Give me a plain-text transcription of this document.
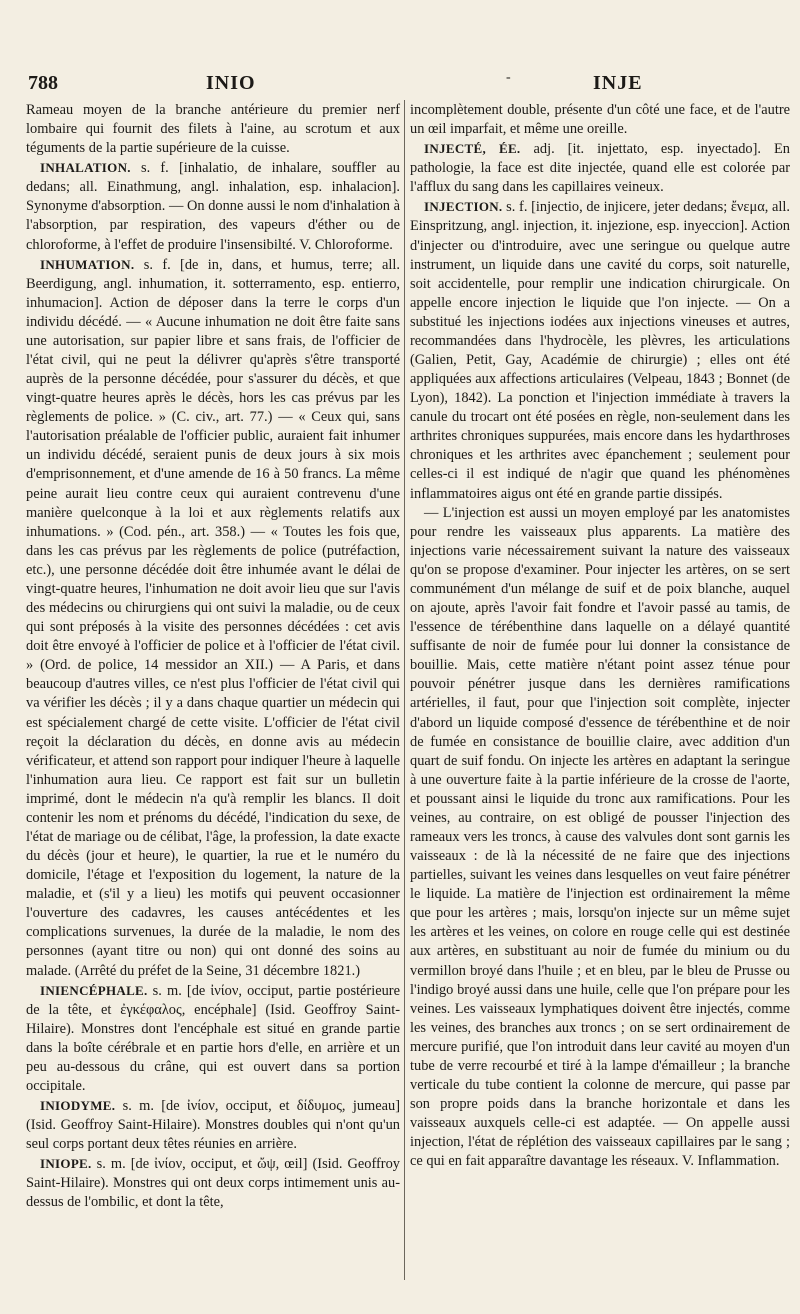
788	INIO	-	INJE

Rameau moyen de la branche antérieure du premier nerf lombaire qui fournit des filets à l'aine, au scrotum et aux téguments de la partie supérieure de la cuisse.

INHALATION. s. f. [inhalatio, de inhalare, souffler au dedans; all. Einathmung, angl. inhalation, esp. inhalacion]. Synonyme d'absorption. — On donne aussi le nom d'inhalation à l'absorption, par respiration, des vapeurs d'éther ou de chloroforme, à l'effet de produire l'insensibilté. V. Chloroforme.

INHUMATION. s. f. [de in, dans, et humus, terre; all. Beerdigung, angl. inhumation, it. sotterramento, esp. entierro, inhumacion]. Action de déposer dans la terre le corps d'un individu décédé. — « Aucune inhumation ne doit être faite sans une autorisation, sur papier libre et sans frais, de l'officier de l'état civil, qui ne peut la délivrer qu'après s'être transporté auprès de la personne décédée, pour s'assurer du décès, et que vingt-quatre heures après le décès, hors les cas prévus par les règlements de police. » (C. civ., art. 77.) — « Ceux qui, sans l'autorisation préalable de l'officier public, auraient fait inhumer un individu décédé, seraient punis de deux jours à six mois d'emprisonnement, et d'une amende de 16 à 50 francs. La même peine aurait lieu contre ceux qui auraient contrevenu d'une manière quelconque à la loi et aux règlements relatifs aux inhumations. » (Cod. pén., art. 358.) — « Toutes les fois que, dans les cas prévus par les règlements de police (putréfaction, etc.), une personne décédée doit être inhumée avant le délai de vingt-quatre heures, l'inhumation ne doit avoir lieu que sur l'avis des médecins ou chirurgiens qui ont suivi la maladie, ou de ceux qui sont préposés à la visite des personnes décédées : cet avis doit être envoyé à l'officier de police et à l'officier de l'état civil. » (Ord. de police, 14 messidor an XII.) — A Paris, et dans beaucoup d'autres villes, ce n'est plus l'officier de l'état civil qui va vérifier les décès ; il y a dans chaque quartier un médecin qui est spécialement chargé de cette visite. L'officier de l'état civil reçoit la déclaration du décès, en donne avis au médecin vérificateur, et attend son rapport pour indiquer l'heure à laquelle l'inhumation aura lieu. Ce rapport est fait sur un bulletin imprimé, dont le médecin n'a qu'à remplir les blancs. Il doit contenir les nom et prénoms du décédé, l'indication du sexe, de l'état de mariage ou de célibat, l'âge, la profession, la date exacte du décès (jour et heure), le quartier, la rue et le numéro du domicile, l'étage et l'exposition du logement, la nature de la maladie, et (s'il y a lieu) les motifs qui peuvent occasionner l'ouverture des cadavres, les causes antécédentes et les complications survenues, la durée de la maladie, le nom des personnes (ayant titre ou non) qui ont donné des soins au malade. (Arrêté du préfet de la Seine, 31 décembre 1821.)

INIENCÉPHALE. s. m. [de ἰνίον, occiput, partie postérieure de la tête, et ἐγκέφαλος, encéphale] (Isid. Geoffroy Saint-Hilaire). Monstres dont l'encéphale est situé en grande partie dans la boîte cérébrale et en partie hors d'elle, en arrière et un peu au-dessous du crâne, qui est ouvert dans sa portion occipitale.

INIODYME. s. m. [de ἰνίον, occiput, et δίδυμος, jumeau] (Isid. Geoffroy Saint-Hilaire). Monstres doubles qui n'ont qu'un seul corps portant deux têtes réunies en arrière.

INIOPE. s. m. [de ἰνίον, occiput, et ὤψ, œil] (Isid. Geoffroy Saint-Hilaire). Monstres qui ont deux corps intimement unis au-dessus de l'ombilic, et dont la tête,

incomplètement double, présente d'un côté une face, et de l'autre un œil imparfait, et même une oreille.

INJECTÉ, ÉE. adj. [it. injettato, esp. inyectado]. En pathologie, la face est dite injectée, quand elle est colorée par l'afflux du sang dans les capillaires veineux.

INJECTION. s. f. [injectio, de injicere, jeter dedans; ἔνεμα, all. Einspritzung, angl. injection, it. injezione, esp. inyeccion]. Action d'injecter ou d'introduire, avec une seringue ou quelque autre instrument, un liquide dans une cavité du corps, soit naturelle, soit accidentelle, pour remplir une indication chirurgicale. On appelle encore injection le liquide que l'on injecte. — On a substitué les injections iodées aux injections vineuses et autres, recommandées dans l'hydrocèle, les plèvres, les articulations (Galien, Petit, Gay, Académie de chirurgie) ; elles ont été appliquées aux affections articulaires (Velpeau, 1843 ; Bonnet (de Lyon), 1842). La ponction et l'injection immédiate à travers la canule du trocart ont été posées en règle, non-seulement dans les arthrites chroniques suppurées, mais encore dans les hydarthroses chroniques et les arthrites avec épanchement ; seulement pour celles-ci il est indiqué de n'agir que quand les phénomènes inflammatoires aigus ont été en grande partie dissipés.

— L'injection est aussi un moyen employé par les anatomistes pour rendre les vaisseaux plus apparents. La matière des injections varie nécessairement suivant la nature des vaisseaux qu'on se propose d'examiner. Pour injecter les artères, on se sert communément d'un mélange de suif et de poix blanche, auquel on ajoute, après l'avoir fait fondre et l'avoir passé au tamis, de l'essence de térébenthine dans laquelle on a délayé quantité suffisante de noir de fumée pour lui donner la consistance de bouillie. Mais, cette matière n'étant point assez ténue pour pouvoir pénétrer jusque dans les dernières ramifications artérielles, il faut, pour que l'injection soit complète, injecter d'abord un liquide composé d'essence de térébenthine et de noir de fumée en consistance de bouillie claire, avec addition d'un quart de suif fondu. On injecte les artères en adaptant la seringue à une ouverture faite à la partie inférieure de la crosse de l'aorte, et poussant ainsi le liquide du tronc aux ramifications. Pour les veines, au contraire, on est obligé de pousser l'injection des rameaux vers les troncs, à cause des valvules dont sont garnis les vaisseaux : de là la nécessité de ne faire que des injections partielles, suivant les veines dans lesquelles on veut faire pénétrer le liquide. La matière de l'injection est ordinairement la même que pour les artères ; mais, lorsqu'on injecte sur un même sujet les artères et les veines, on colore en rouge celle qui est destinée aux artères, en substituant au noir de fumée du minium ou du vermillon broyé dans l'huile ; et en bleu, par le bleu de Prusse ou l'indigo broyé aussi dans une huile, celle que l'on prépare pour les veines. Les vaisseaux lymphatiques doivent être injectés, comme les veines, des branches aux troncs ; on se sert ordinairement de mercure purifié, que l'on introduit dans leur cavité au moyen d'un tube de verre recourbé et tiré à la lampe d'émailleur ; la branche verticale du tube contient la colonne de mercure, qui passe par son propre poids dans la branche horizontale et dans les vaisseaux auxquels celle-ci est adaptée. — On appelle aussi injection, l'état de réplétion des vaisseaux capillaires par le sang ; ce qui en fait apparaître davantage les réseaux. V. Inflammation.
